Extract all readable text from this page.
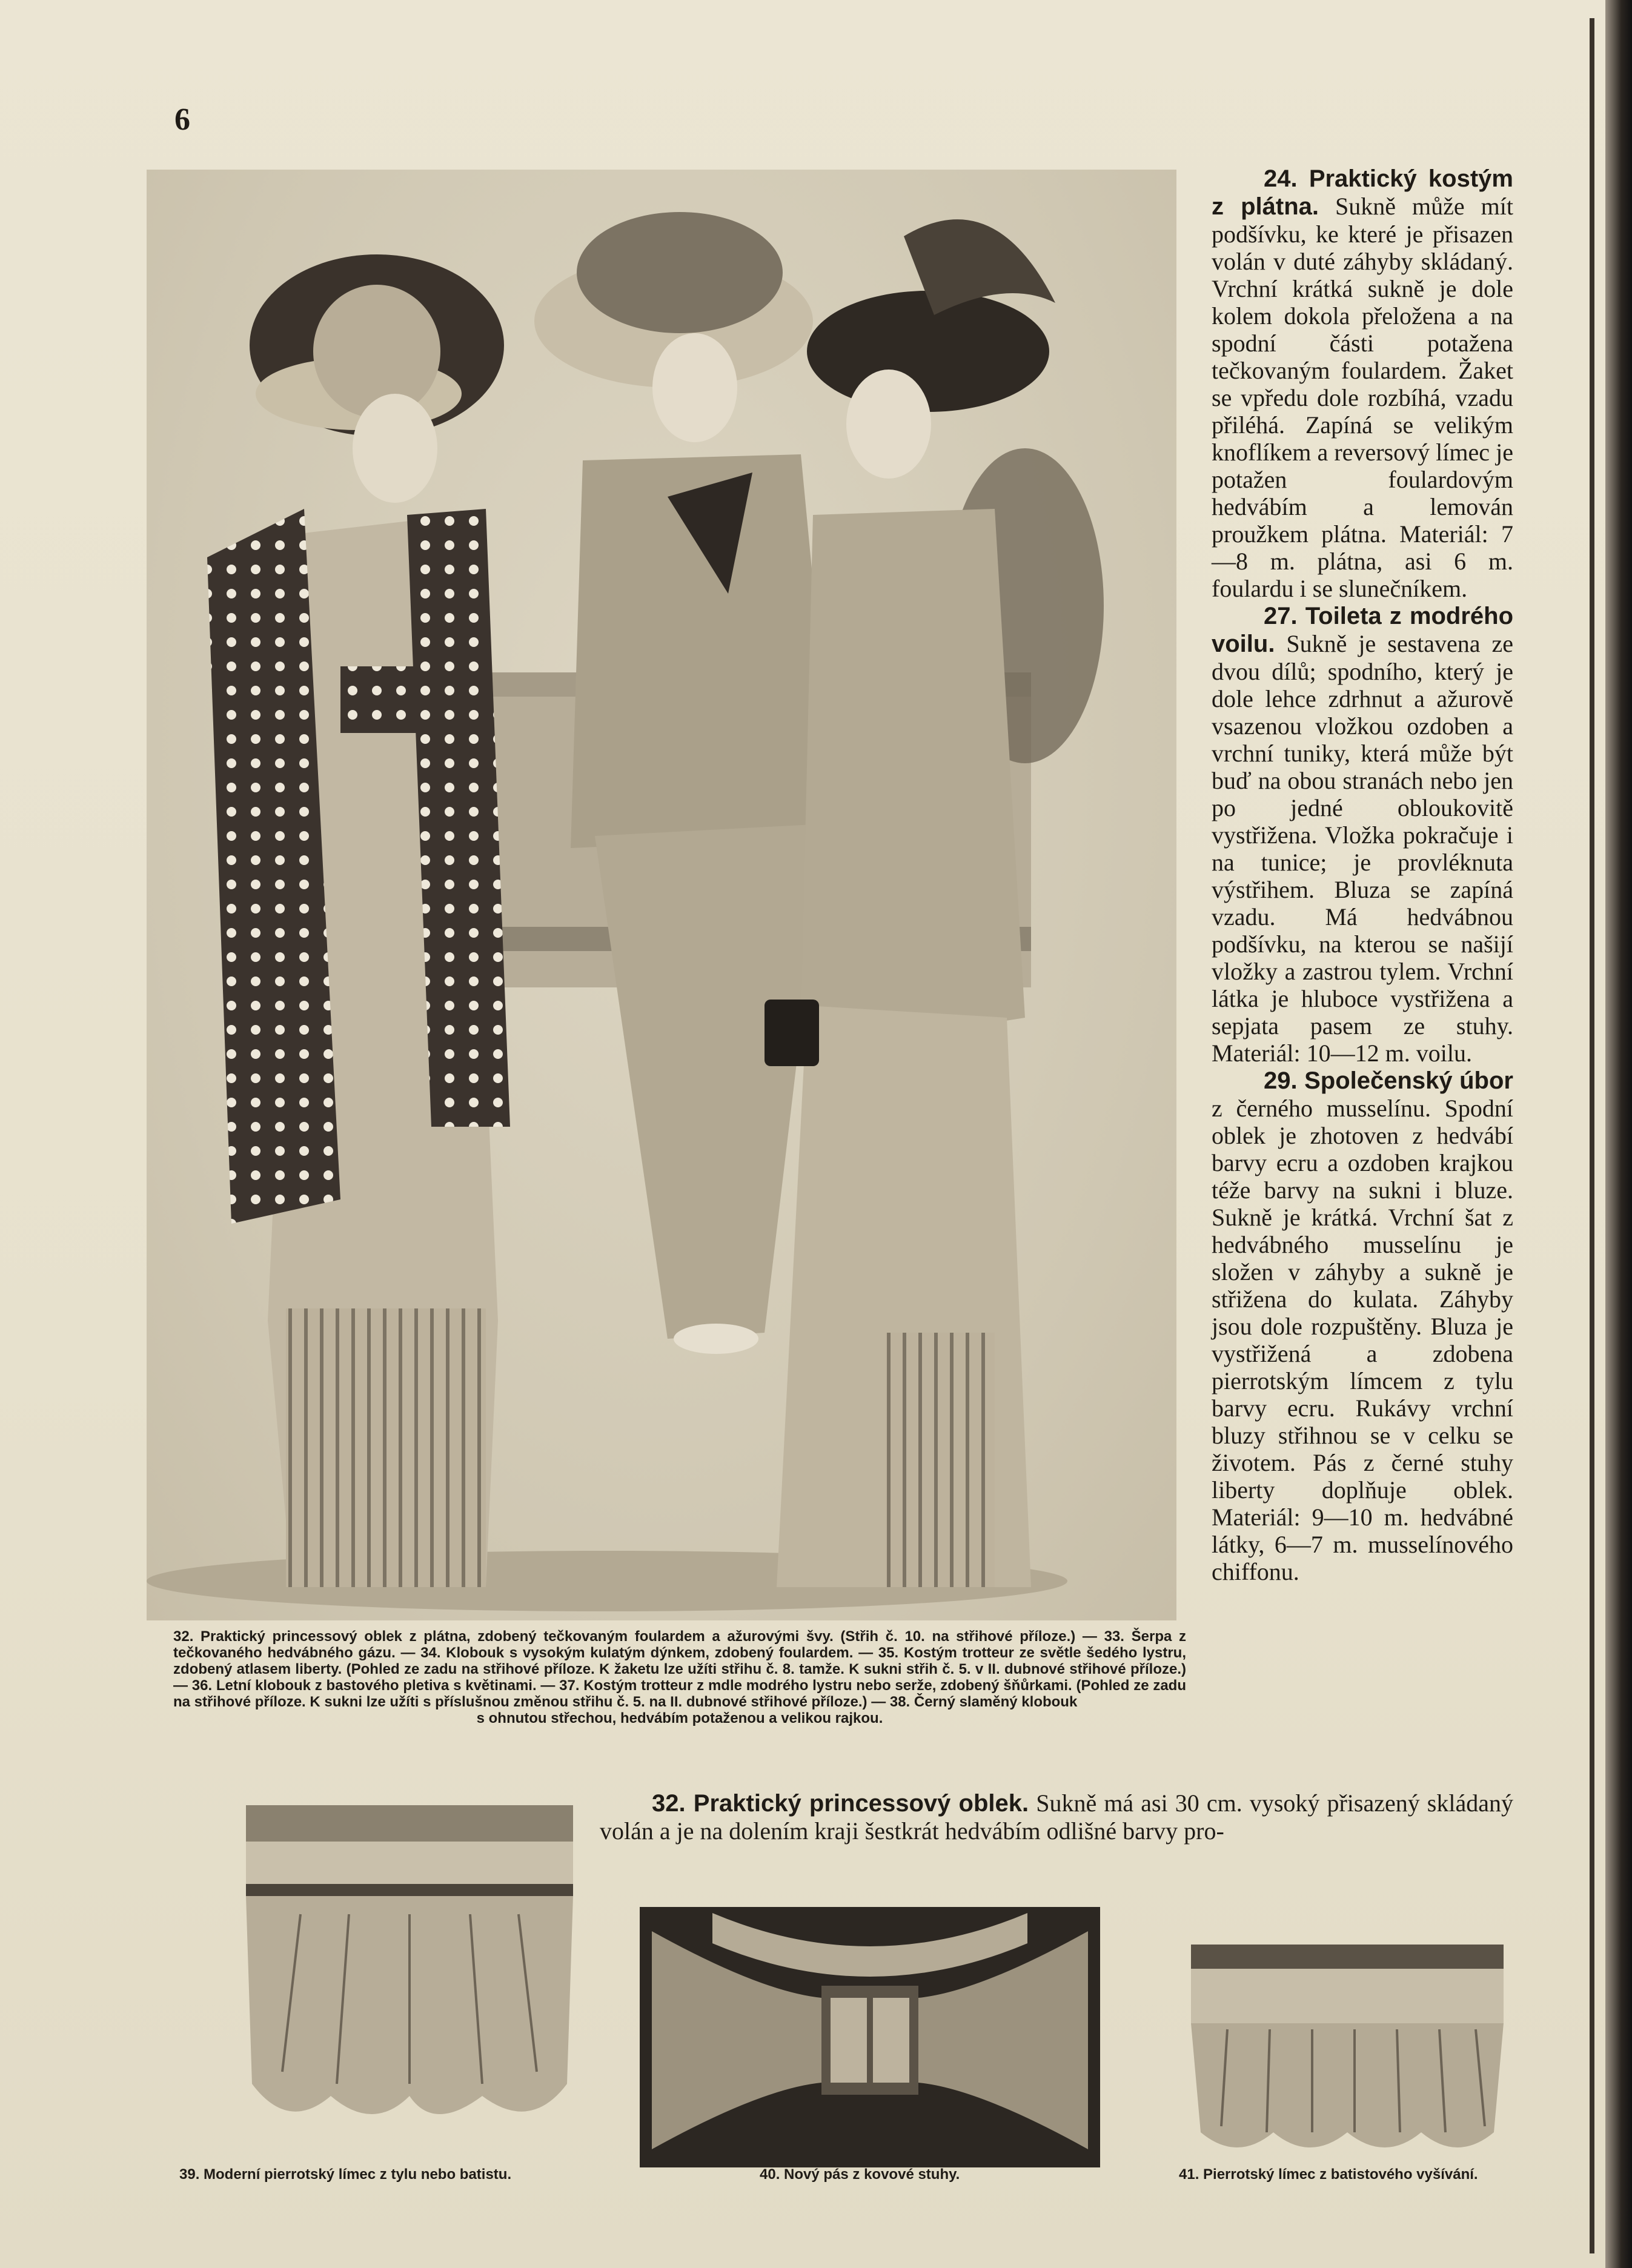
6

24. Praktický kostým z plátna. Sukně může mít podšívku, ke které je přisazen volán v duté záhyby skládaný. Vrchní krátká sukně je dole kolem dokola přeložena a na spodní části potažena tečkovaným foulardem. Žaket se vpředu dole rozbíhá, vzadu přiléhá. Zapíná se velikým knoflíkem a reversový límec je potažen foulardovým hedvábím a lemován proužkem plátna. Materiál: 7—8 m. plátna, asi 6 m. foulardu i se slunečníkem.

27. Toileta z modrého voilu. Sukně je sestavena ze dvou dílů; spodního, který je dole lehce zdrhnut a ažurově vsazenou vložkou ozdoben a vrchní tuniky, která může být buď na obou stranách nebo jen po jedné obloukovitě vystřižena. Vložka pokračuje i na tunice; je provléknuta výstřihem. Bluza se zapíná vzadu. Má hedvábnou podšívku, na kterou se našijí vložky a zastrou tylem. Vrchní látka je hluboce vystřižena a sepjata pasem ze stuhy. Materiál: 10—12 m. voilu.

29. Společenský úbor z černého musselínu. Spodní oblek je zhotoven z hedvábí barvy ecru a ozdoben krajkou téže barvy na sukni i bluze. Sukně je krátká. Vrchní šat z hedvábného musselínu je složen v záhyby a sukně je střižena do kulata. Záhyby jsou dole rozpuštěny. Bluza je vystřižená a zdobena pierrotským límcem z tylu barvy ecru. Rukávy vrchní bluzy střihnou se v celku se životem. Pás z černé stuhy liberty doplňuje oblek. Materiál: 9—10 m. hedvábné látky, 6—7 m. musselínového chiffonu.

32. Praktický princessový oblek z plátna, zdobený tečkovaným foulardem a ažurovými švy. (Střih č. 10. na střihové příloze.) — 33. Šerpa z tečkovaného hedvábného gázu. — 34. Klobouk s vysokým kulatým dýnkem, zdobený foulardem. — 35. Kostým trotteur ze světle šedého lystru, zdobený atlasem liberty. (Pohled ze zadu na střihové příloze. K žaketu lze užíti střihu č. 8. tamže. K sukni střih č. 5. v II. dubnové střihové příloze.) — 36. Letní klobouk z bastového pletiva s květinami. — 37. Kostým trotteur z mdle modrého lystru nebo serže, zdobený šňůrkami. (Pohled ze zadu na střihové příloze. K sukni lze užíti s příslušnou změnou střihu č. 5. na II. dubnové střihové příloze.) — 38. Černý slaměný klobouk
s ohnutou střechou, hedvábím potaženou a velikou rajkou.

32. Praktický princessový oblek. Sukně má asi 30 cm. vysoký přisazený skládaný volán a je na dolením kraji šestkrát hedvábím odlišné barvy pro-

39. Moderní pierrotský límec z tylu nebo batistu.	40. Nový pás z kovové stuhy.	41. Pierrotský límec z batistového vyšívání.
